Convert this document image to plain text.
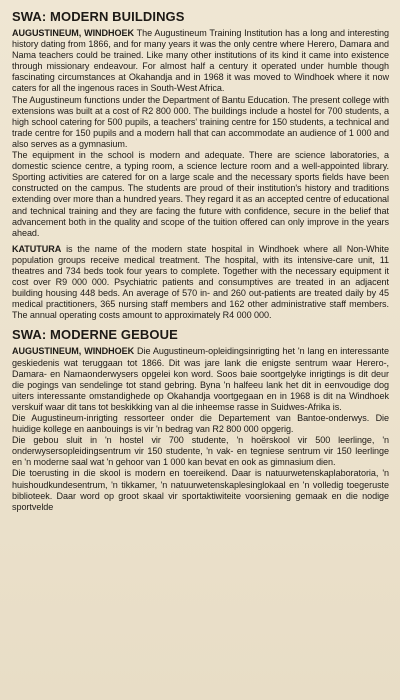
SWA: MODERN BUILDINGS

AUGUSTINEUM, WINDHOEK The Augustineum Training Institution has a long and interesting history dating from 1866, and for many years it was the only centre where Herero, Damara and Nama teachers could be trained. Like many other institutions of its kind it came into existence through missionary endeavour. For almost half a century it operated under humble though fascinating circumstances at Okahandja and in 1968 it was moved to Windhoek where it now caters for all the ingenous races in South-West Africa.

The Augustineum functions under the Department of Bantu Education. The present college with extensions was built at a cost of R2 800 000. The buildings include a hostel for 700 students, a high school catering for 500 pupils, a teachers' training centre for 150 students, a technical and trade centre for 150 pupils and a modern hall that can accommodate an audience of 1 000 and also serves as a gymnasium.

The equipment in the school is modern and adequate. There are science laboratories, a domestic science centre, a typing room, a science lecture room and a well-appointed library. Sporting activities are catered for on a large scale and the necessary sports fields have been constructed on the campus. The students are proud of their institution's history and traditions extending over more than a hundred years. They regard it as an accepted centre of educational and technical training and they are facing the future with confidence, secure in the belief that advancement both in the quality and scope of the tuition offered can only improve in the years ahead.

KATUTURA is the name of the modern state hospital in Windhoek where all Non-White population groups receive medical treatment. The hospital, with its intensive-care unit, 11 theatres and 734 beds took four years to complete. Together with the necessary equipment it cost over R9 000 000. Psychiatric patients and consumptives are treated in an adjacent building housing 448 beds. An average of 570 in- and 260 out-patients are treated daily by 45 medical practitioners, 365 nursing staff members and 162 other administrative staff members. The annual operating costs amount to approximately R4 000 000.

SWA: MODERNE GEBOUE

AUGUSTINEUM, WINDHOEK Die Augustineum-opleidingsinrigting het 'n lang en interessante geskiedenis wat teruggaan tot 1866. Dit was jare lank die enigste sentrum waar Herero-, Damara- en Namaonderwysers opgelei kon word. Soos baie soortgelyke inrigtings is dit deur die pogings van sendelinge tot stand gebring. Byna 'n halfeeu lank het dit in eenvoudige dog uiters interessante omstandighede op Okahandja voortgegaan en in 1968 is dit na Windhoek verskuif waar dit tans tot beskikking van al die inheemse rasse in Suidwes-Afrika is.

Die Augustineum-inrigting ressorteer onder die Departement van Bantoe-onderwys. Die huidige kollege en aanbouings is vir 'n bedrag van R2 800 000 opgerig.

Die gebou sluit in 'n hostel vir 700 studente, 'n hoërskool vir 500 leerlinge, 'n onderwysersopleidingsentrum vir 150 studente, 'n vak- en tegniese sentrum vir 150 leerlinge en 'n moderne saal wat 'n gehoor van 1 000 kan bevat en ook as gimnasium dien.

Die toerusting in die skool is modern en toereikend. Daar is natuurwetenskaplaboratoria, 'n huishoudkundesentrum, 'n tikkamer, 'n natuurwetenskaplesinglokaal en 'n volledig toegeruste biblioteek. Daar word op groot skaal vir sportaktiwiteite voorsiening gemaak en die nodige sportvelde
